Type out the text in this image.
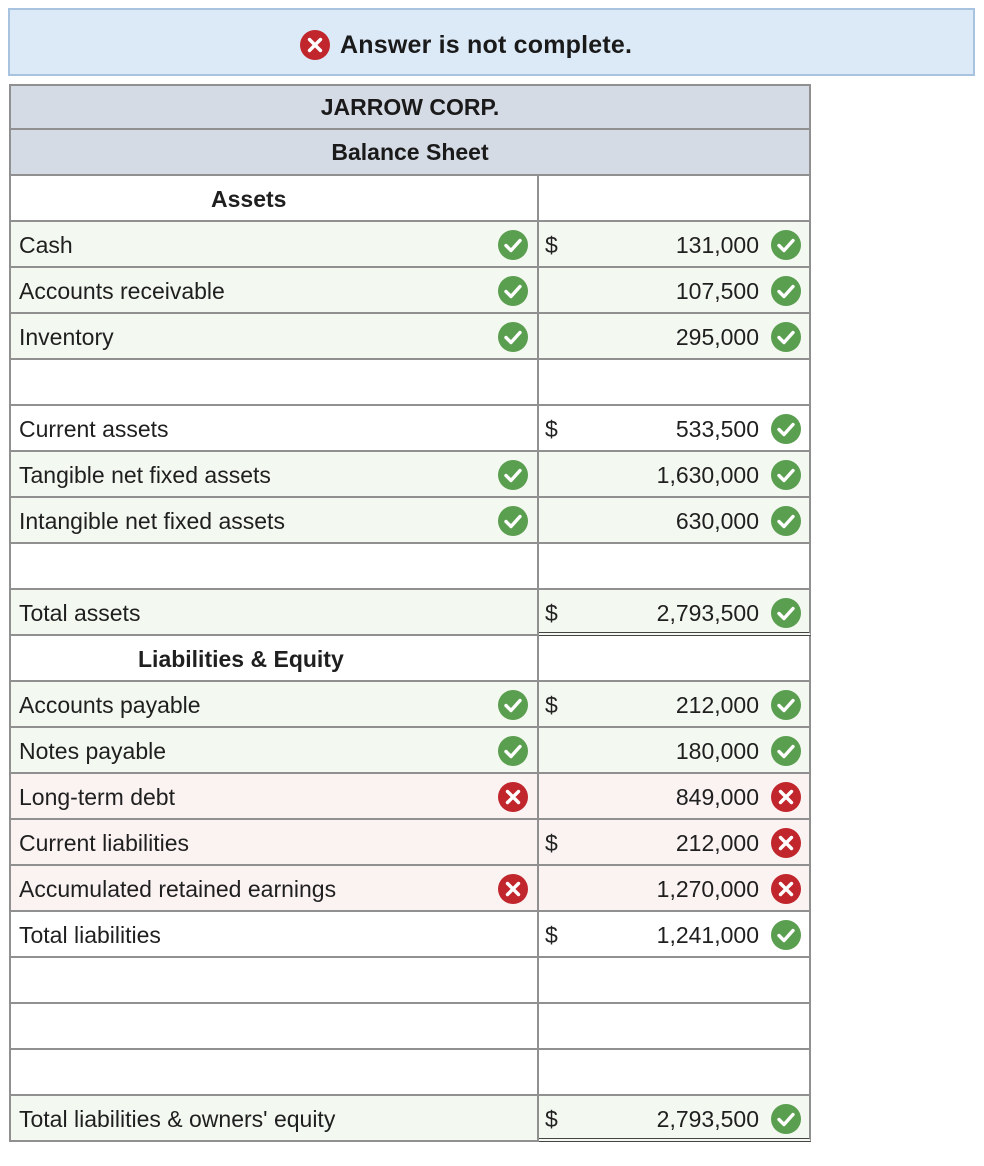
Answer is not complete.
JARROW CORP.
Balance Sheet
Assets
Cash	$	131,000
Accounts receivable	107,500
Inventory	295,000
Current assets	$	533,500
Tangible net fixed assets	1,630,000
Intangible net fixed assets	630,000
Total assets	$	2,793,500
Liabilities & Equity
Accounts payable	$	212,000
Notes payable	180,000
Long-term debt	849,000
Current liabilities	$	212,000
Accumulated retained earnings	1,270,000
Total liabilities	$	1,241,000
Total liabilities & owners' equity	$	2,793,500
